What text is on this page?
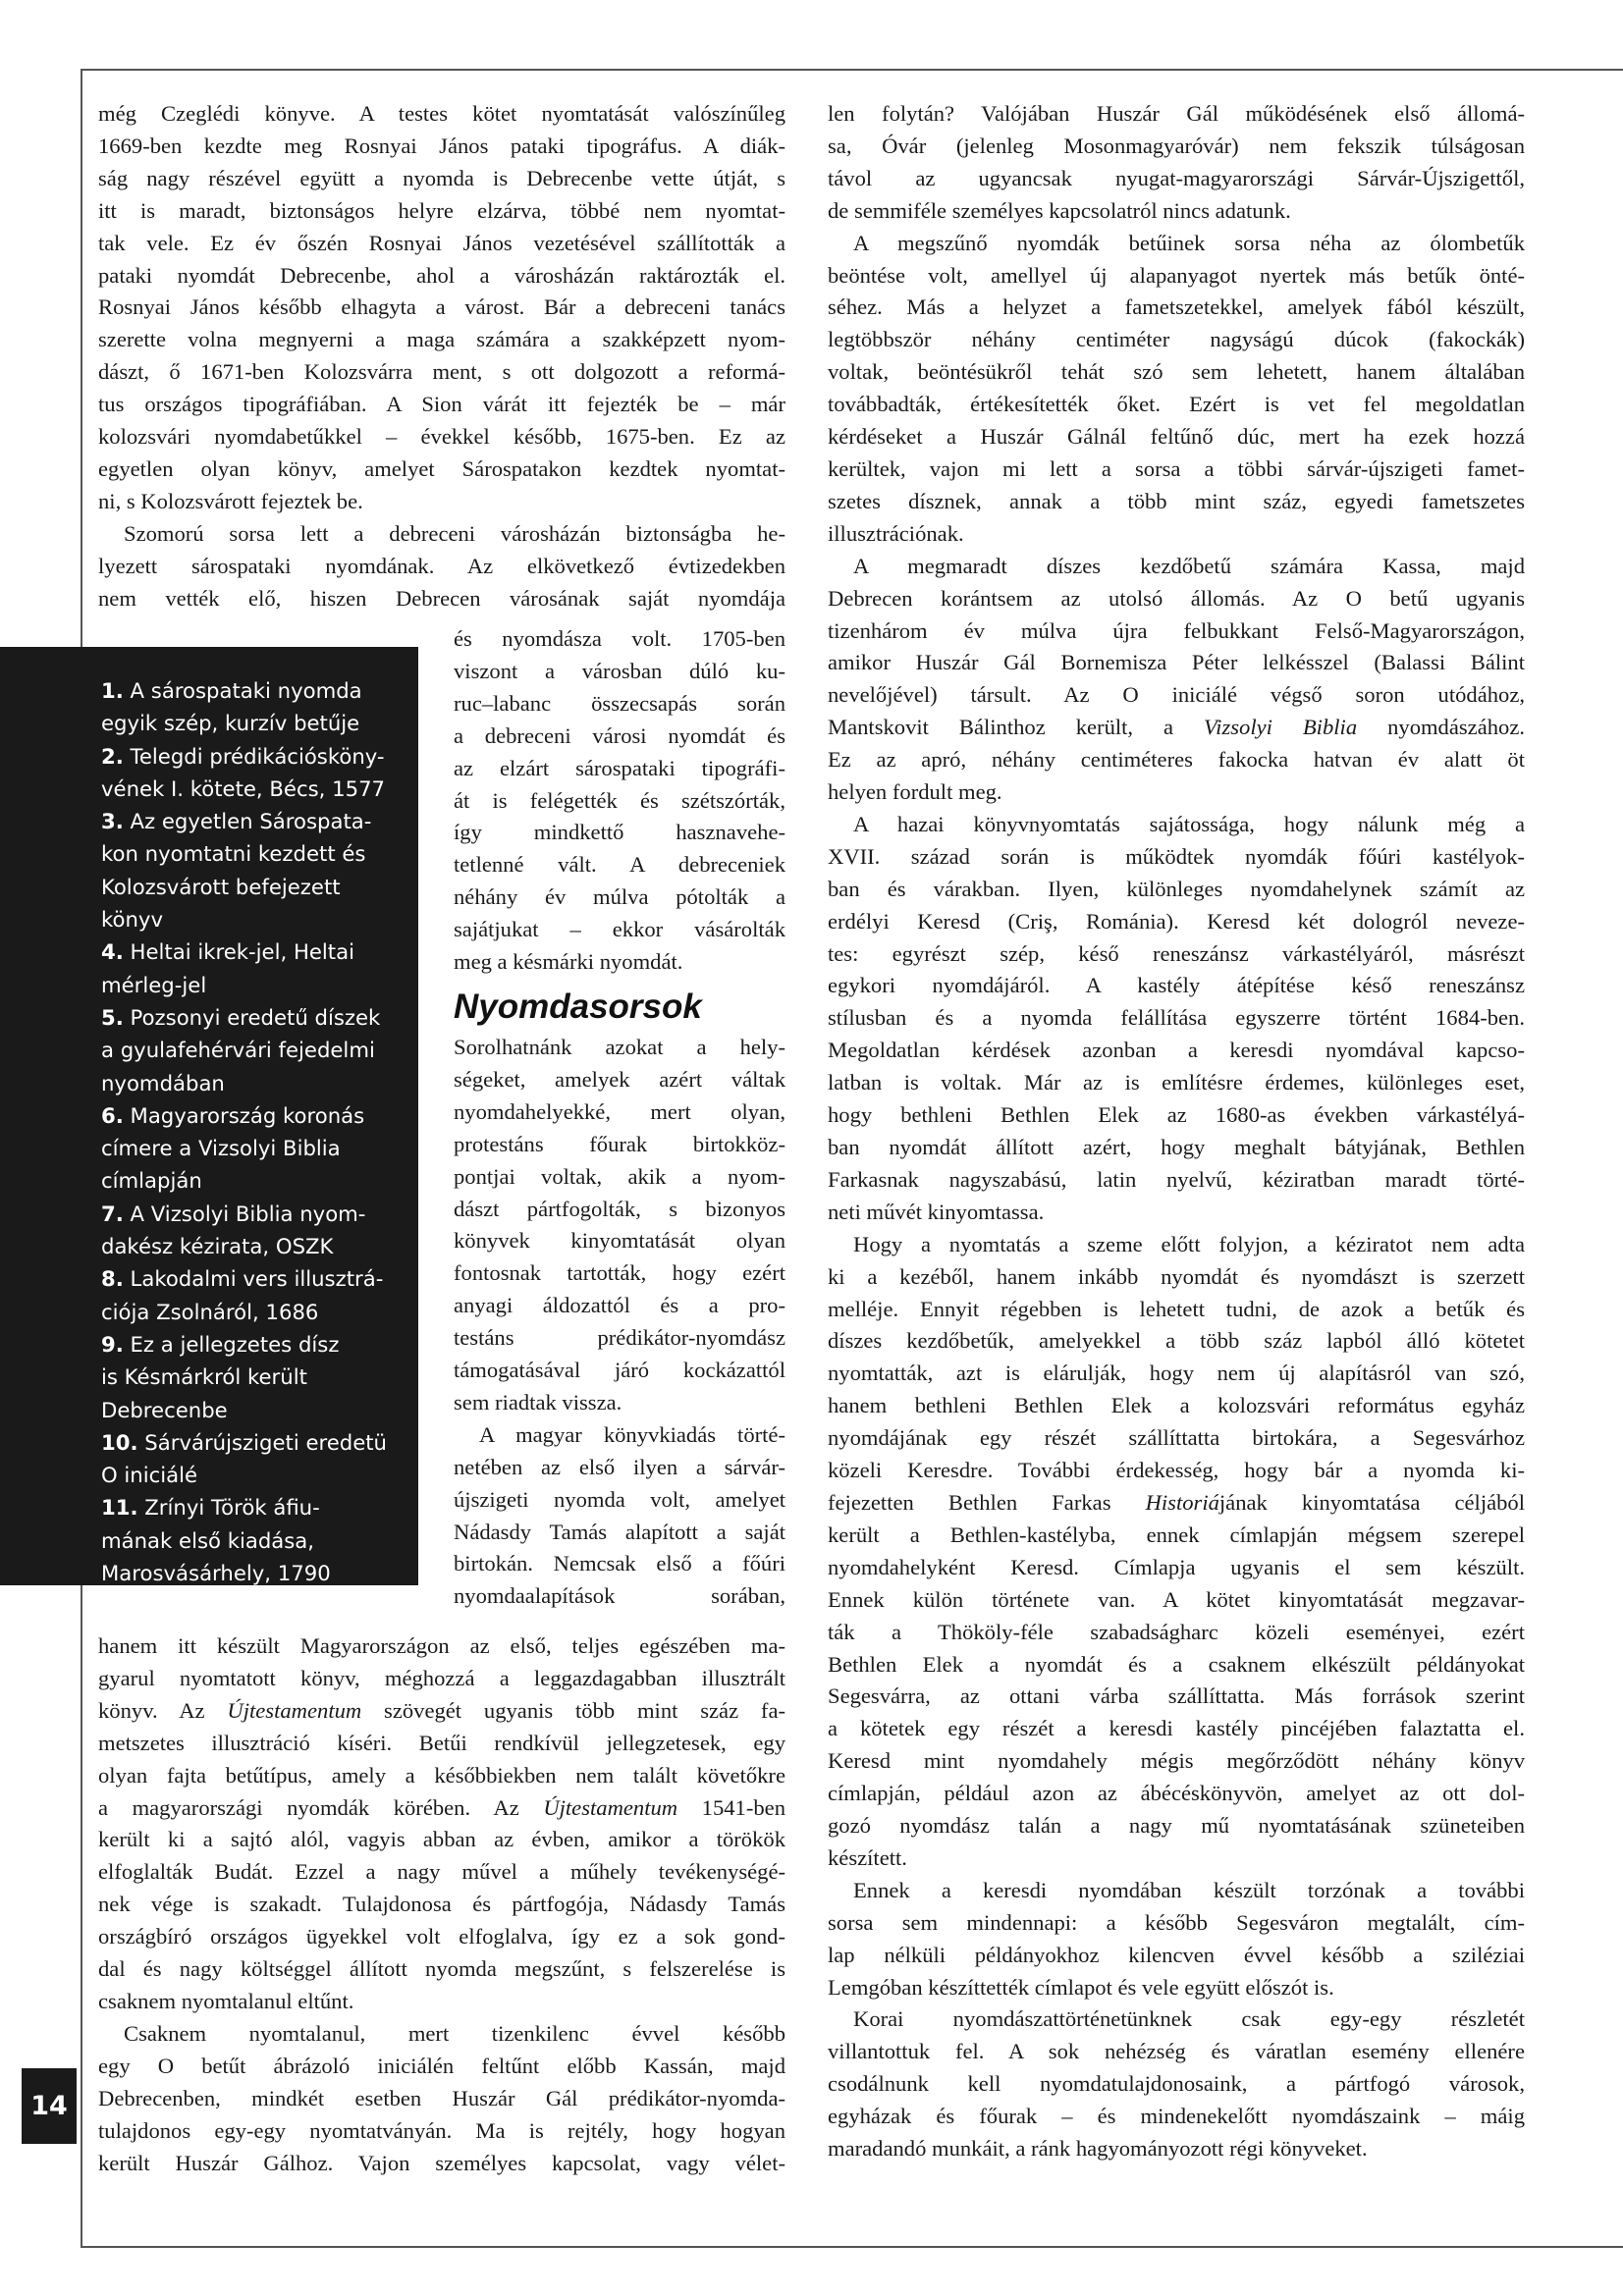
még Czeglédi könyve. A testes kötet nyomtatását valószínűleg

1669-ben kezdte meg Rosnyai János pataki tipográfus. A diák-

ság nagy részével együtt a nyomda is Debrecenbe vette útját, s

itt is maradt, biztonságos helyre elzárva, többé nem nyomtat-

tak vele. Ez év őszén Rosnyai János vezetésével szállították a

pataki nyomdát Debrecenbe, ahol a városházán raktározták el.

Rosnyai János később elhagyta a várost. Bár a debreceni tanács

szerette volna megnyerni a maga számára a szakképzett nyom-

dászt, ő 1671-ben Kolozsvárra ment, s ott dolgozott a reformá-

tus országos tipográfiában. A Sion várát itt fejezték be – már

kolozsvári nyomdabetűkkel – évekkel később, 1675-ben. Ez az

egyetlen olyan könyv, amelyet Sárospatakon kezdtek nyomtat-

ni, s Kolozsvárott fejeztek be.

Szomorú sorsa lett a debreceni városházán biztonságba he-

lyezett sárospataki nyomdának. Az elkövetkező évtizedekben

nem vették elő, hiszen Debrecen városának saját nyomdája

és nyomdásza volt. 1705-ben

viszont a városban dúló ku-

ruc–labanc összecsapás során

a debreceni városi nyomdát és

az elzárt sárospataki tipográfi-

át is felégették és szétszórták,

így mindkettő hasznavehe-

tetlenné vált. A debreceniek

néhány év múlva pótolták a

sajátjukat – ekkor vásárolták

meg a késmárki nyomdát.

Nyomdasorsok

Sorolhatnánk azokat a hely-

ségeket, amelyek azért váltak

nyomdahelyekké, mert olyan,

protestáns főurak birtokköz-

pontjai voltak, akik a nyom-

dászt pártfogolták, s bizonyos

könyvek kinyomtatását olyan

fontosnak tartották, hogy ezért

anyagi áldozattól és a pro-

testáns prédikátor-nyomdász

támogatásával járó kockázattól

sem riadtak vissza.

A magyar könyvkiadás törté-

netében az első ilyen a sárvár-

újszigeti nyomda volt, amelyet

Nádasdy Tamás alapított a saját

birtokán. Nemcsak első a főúri

nyomdaalapítások sorában,

hanem itt készült Magyarországon az első, teljes egészében ma-

gyarul nyomtatott könyv, méghozzá a leggazdagabban illusztrált

könyv. Az Újtestamentum szövegét ugyanis több mint száz fa-

metszetes illusztráció kíséri. Betűi rendkívül jellegzetesek, egy

olyan fajta betűtípus, amely a későbbiekben nem talált követőkre

a magyarországi nyomdák körében. Az Újtestamentum 1541-ben

került ki a sajtó alól, vagyis abban az évben, amikor a törökök

elfoglalták Budát. Ezzel a nagy művel a műhely tevékenységé-

nek vége is szakadt. Tulajdonosa és pártfogója, Nádasdy Tamás

országbíró országos ügyekkel volt elfoglalva, így ez a sok gond-

dal és nagy költséggel állított nyomda megszűnt, s felszerelése is

csaknem nyomtalanul eltűnt.

Csaknem nyomtalanul, mert tizenkilenc évvel később

egy O betűt ábrázoló iniciálén feltűnt előbb Kassán, majd

Debrecenben, mindkét esetben Huszár Gál prédikátor-nyomda-

tulajdonos egy-egy nyomtatványán. Ma is rejtély, hogy hogyan

került Huszár Gálhoz. Vajon személyes kapcsolat, vagy vélet-

len folytán? Valójában Huszár Gál működésének első állomá-

sa, Óvár (jelenleg Mosonmagyaróvár) nem fekszik túlságosan

távol az ugyancsak nyugat-magyarországi Sárvár-Újszigettől,

de semmiféle személyes kapcsolatról nincs adatunk.

A megszűnő nyomdák betűinek sorsa néha az ólombetűk

beöntése volt, amellyel új alapanyagot nyertek más betűk önté-

séhez. Más a helyzet a fametszetekkel, amelyek fából készült,

legtöbbször néhány centiméter nagyságú dúcok (fakockák)

voltak, beöntésükről tehát szó sem lehetett, hanem általában

továbbadták, értékesítették őket. Ezért is vet fel megoldatlan

kérdéseket a Huszár Gálnál feltűnő dúc, mert ha ezek hozzá

kerültek, vajon mi lett a sorsa a többi sárvár-újszigeti famet-

szetes dísznek, annak a több mint száz, egyedi fametszetes

illusztrációnak.

A megmaradt díszes kezdőbetű számára Kassa, majd

Debrecen korántsem az utolsó állomás. Az O betű ugyanis

tizenhárom év múlva újra felbukkant Felső-Magyarországon,

amikor Huszár Gál Bornemisza Péter lelkésszel (Balassi Bálint

nevelőjével) társult. Az O iniciálé végső soron utódához,

Mantskovit Bálinthoz került, a Vizsolyi Biblia nyomdászához.

Ez az apró, néhány centiméteres fakocka hatvan év alatt öt

helyen fordult meg.

A hazai könyvnyomtatás sajátossága, hogy nálunk még a

XVII. század során is működtek nyomdák főúri kastélyok-

ban és várakban. Ilyen, különleges nyomdahelynek számít az

erdélyi Keresd (Criş, Románia). Keresd két dologról neveze-

tes: egyrészt szép, késő reneszánsz várkastélyáról, másrészt

egykori nyomdájáról. A kastély átépítése késő reneszánsz

stílusban és a nyomda felállítása egyszerre történt 1684-ben.

Megoldatlan kérdések azonban a keresdi nyomdával kapcso-

latban is voltak. Már az is említésre érdemes, különleges eset,

hogy bethleni Bethlen Elek az 1680-as években várkastélyá-

ban nyomdát állított azért, hogy meghalt bátyjának, Bethlen

Farkasnak nagyszabású, latin nyelvű, kéziratban maradt törté-

neti művét kinyomtassa.

Hogy a nyomtatás a szeme előtt folyjon, a kéziratot nem adta

ki a kezéből, hanem inkább nyomdát és nyomdászt is szerzett

melléje. Ennyit régebben is lehetett tudni, de azok a betűk és

díszes kezdőbetűk, amelyekkel a több száz lapból álló kötetet

nyomtatták, azt is elárulják, hogy nem új alapításról van szó,

hanem bethleni Bethlen Elek a kolozsvári református egyház

nyomdájának egy részét szállíttatta birtokára, a Segesvárhoz

közeli Keresdre. További érdekesség, hogy bár a nyomda ki-

fejezetten Bethlen Farkas Historiájának kinyomtatása céljából

került a Bethlen-kastélyba, ennek címlapján mégsem szerepel

nyomdahelyként Keresd. Címlapja ugyanis el sem készült.

Ennek külön története van. A kötet kinyomtatását megzavar-

ták a Thököly-féle szabadságharc közeli eseményei, ezért

Bethlen Elek a nyomdát és a csaknem elkészült példányokat

Segesvárra, az ottani várba szállíttatta. Más források szerint

a kötetek egy részét a keresdi kastély pincéjében falaztatta el.

Keresd mint nyomdahely mégis megőrződött néhány könyv

címlapján, például azon az ábécéskönyvön, amelyet az ott dol-

gozó nyomdász talán a nagy mű nyomtatásának szüneteiben

készített.

Ennek a keresdi nyomdában készült torzónak a további

sorsa sem mindennapi: a később Segesváron megtalált, cím-

lap nélküli példányokhoz kilencven évvel később a sziléziai

Lemgóban készíttették címlapot és vele együtt előszót is.

Korai nyomdászattörténetünknek csak egy-egy részletét

villantottuk fel. A sok nehézség és váratlan esemény ellenére

csodálnunk kell nyomdatulajdonosaink, a pártfogó városok,

egyházak és főurak – és mindenekelőtt nyomdászaink – máig

maradandó munkáit, a ránk hagyományozott régi könyveket.

1. A sárospataki nyomda
egyik szép, kurzív betűje
2. Telegdi prédikációsköny-
vének I. kötete, Bécs, 1577
3. Az egyetlen Sárospata-
kon nyomtatni kezdett és
Kolozsvárott befejezett könyv
4. Heltai ikrek-jel, Heltai
mérleg-jel
5. Pozsonyi eredetű díszek
a gyulafehérvári fejedelmi
nyomdában
6. Magyarország koronás
címere a Vizsolyi Biblia
címlapján
7. A Vizsolyi Biblia nyom-
dakész kézirata, OSZK
8. Lakodalmi vers illusztrá-
ciója Zsolnáról, 1686
9. Ez a jellegzetes dísz
is Késmárkról került
Debrecenbe
10. Sárvárújszigeti eredetü
O iniciálé
11. Zrínyi Török áfiu-
mának első kiadása,
Marosvásárhely, 1790
14
